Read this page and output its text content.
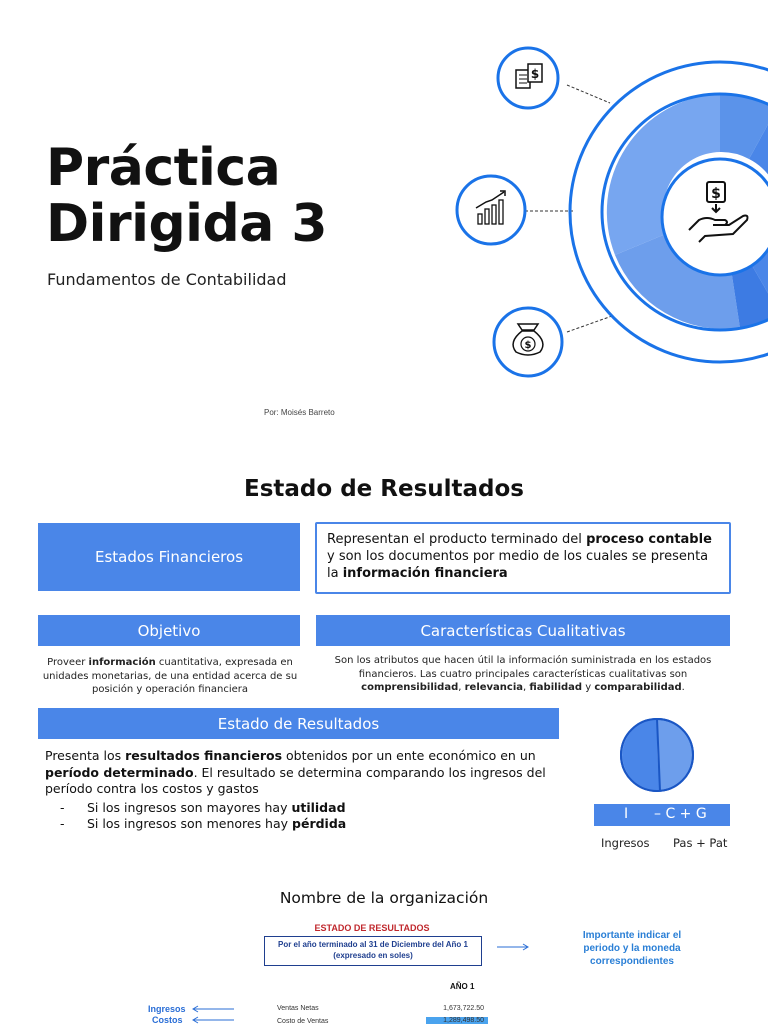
Práctica
Dirigida 3
Fundamentos de Contabilidad
Por: Moisés Barreto
$
$
$
Estado de Resultados
Estados Financieros
Representan el producto terminado del proceso contable y son los documentos por medio de los cuales se presenta la información financiera
Objetivo	Características Cualitativas
Proveer información cuantitativa, expresada en unidades monetarias, de una entidad acerca de su posición y operación financiera
Son los atributos que hacen útil la información suministrada en los estados financieros. Las cuatro principales características cualitativas son comprensibilidad, relevancia, fiabilidad y comparabilidad.
Estado de Resultados
Presenta los resultados financieros obtenidos por un ente económico en un período determinado. El resultado se determina comparando los ingresos del período contra los costos y gastos
- Si los ingresos son mayores hay utilidad
- Si los ingresos son menores hay pérdida
I – C + G
Ingresos Pas + Pat
Nombre de la organización
ESTADO DE RESULTADOS
Por el año terminado al 31 de Diciembre del Año 1
(expresado en soles)
Importante indicar el periodo y la moneda correspondientes
AÑO 1
Ingresos
Costos
Ventas Netas	1,673,722.50
Costo de Ventas	1,289,498.50
